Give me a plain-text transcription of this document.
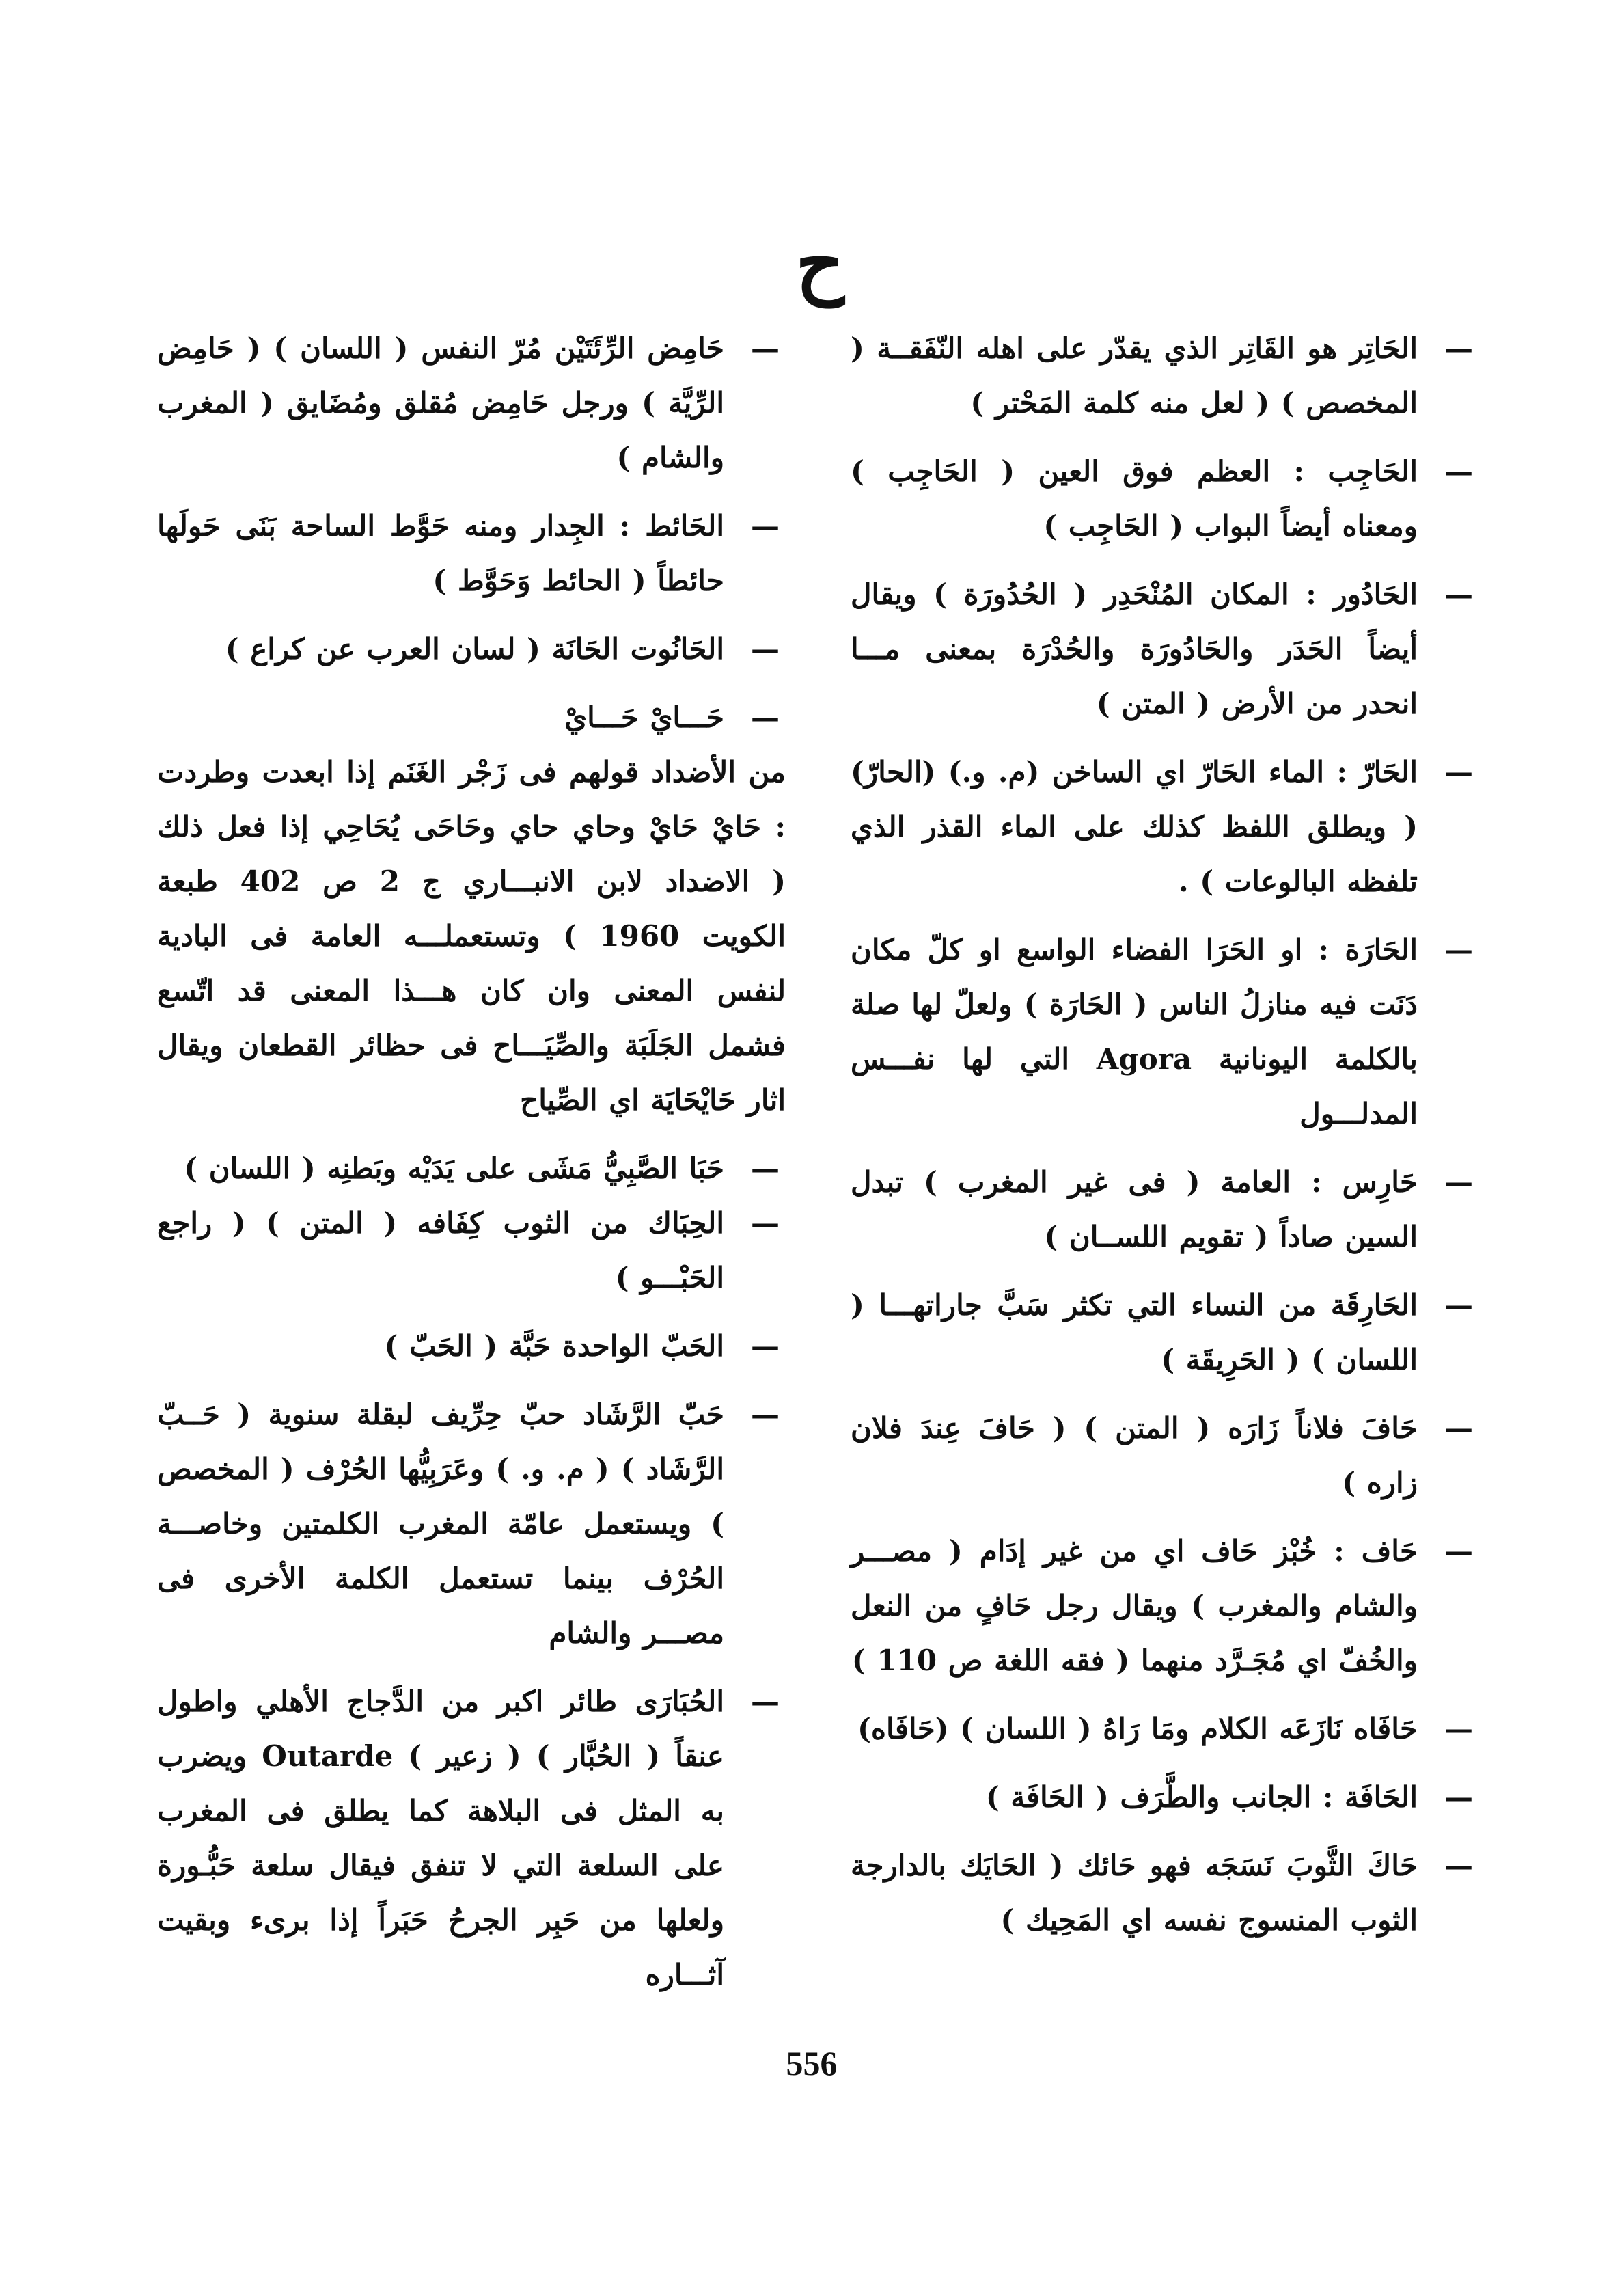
ح
—
الحَاتِر هو القَاتِر الذي يقدّر على اهله النّفَقــة ( المخصص ) ( لعل منه كلمة المَحْتر )
—
الحَاجِب : العظم فوق العين ( الحَاجِب ) ومعناه أيضاً البواب ( الحَاجِب )
—
الحَادُور : المكان المُنْحَدِر ( الحُدُورَة ) ويقال أيضاً الحَدَر والحَادُورَة والحُدْرَة بمعنى مـــا انحدر من الأرض ( المتن )
—
الحَارّ : الماء الحَارّ اي الساخن (م. و.) (الحارّ) ( ويطلق اللفظ كذلك على الماء القذر الذي تلفظه البالوعات ) .
—
الحَارَة : او الحَرَا الفضاء الواسع او كلّ مكان دَنَت فيه منازلُ الناس ( الحَارَة ) ولعلّ لها صلة بالكلمة اليونانية Agora التي لها نفـــس المدلـــول
—
حَارِس : العامة ( فى غير المغرب ) تبدل السين صاداً ( تقويم اللســان )
—
الحَارِقَة من النساء التي تكثر سَبَّ جاراتهـــا ( اللسان ) ( الحَرِيقَة )
—
حَافَ فلاناً زَارَه ( المتن ) ( حَافَ عِندَ فلان زاره )
—
حَاف : خُبْز حَاف اي من غير إدَام ( مصـــر والشام والمغرب ) ويقال رجل حَافٍ من النعل والخُفّ اي مُجَـرَّد منهما ( فقه اللغة ص 110 )
—
حَافَاه نَازَعَه الكلام ومَا رَاهُ ( اللسان ) (حَافَاه)
—
الحَافَة : الجانب والطَّرَف ( الحَافَة )
—
حَاكَ الثَّوبَ نَسَجَه فهو حَائك ( الحَايَك بالدارجة الثوب المنسوج نفسه اي المَحِيك )
—
حَامِض الرِّئَتَيْن مُرّ النفس ( اللسان ) ( حَامِض الرِّيَّة ) ورجل حَامِض مُقلق ومُضَايق ( المغرب والشام )
—
الحَائط : الجِدار ومنه حَوَّط الساحة بَنَى حَولَها حائطاً ( الحائط وَحَوَّط )
—
الحَانُوت الحَانَة ( لسان العرب عن كراع )
—
حَـــايْ حَـــايْ
من الأضداد قولهم فى زَجْر الغَنَم إذا ابعدت وطردت : حَايْ حَايْ وحاي حاي وحَاحَى يُحَاحِي إذا فعل ذلك ( الاضداد لابن الانبـــاري ج 2 ص 402 طبعة الكويت 1960 ) وتستعملـــه العامة فى البادية لنفس المعنى وان كان هـــذا المعنى قد اتّسع فشمل الجَلَبَة والصِّيَـــاح فى حظائر القطعان ويقال اثار حَايْحَايَة اي الصِّياح
—
حَبَا الصَّبِيُّ مَشَى على يَدَيْه وبَطنِه ( اللسان )
—
الحِبَاك من الثوب كِفَافه ( المتن ) ( راجع الحَبْـــو )
—
الحَبّ الواحدة حَبَّة ( الحَبّ )
—
حَبّ الرَّشَاد حبّ حِرِّيف لبقلة سنوية ( حَــبّ الرَّشَاد ) ( م. و. ) وعَرَبِيُّها الحُرْف ( المخصص ) ويستعمل عامّة المغرب الكلمتين وخاصـــة الحُرْف بينما تستعمل الكلمة الأخرى فى مصـــر والشام
—
الحُبَارَى طائر اكبر من الدَّجاج الأهلي واطول عنقاً ( الحُبَّار ) ( زعير ) Outarde ويضرب به المثل فى البلاهة كما يطلق فى المغرب على السلعة التي لا تنفق فيقال سلعة حَبُّـورة ولعلها من حَبِر الجرحُ حَبَراً إذا برىء وبقيت آثـــاره
556
